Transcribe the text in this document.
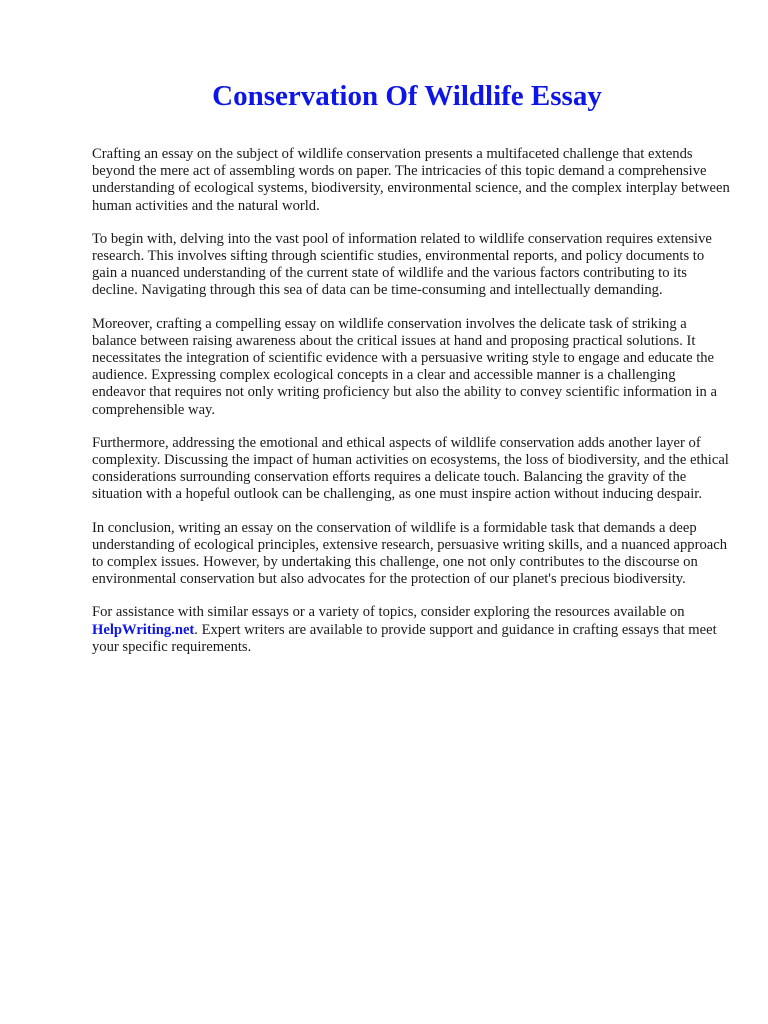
Conservation Of Wildlife Essay

Crafting an essay on the subject of wildlife conservation presents a multifaceted challenge that extends beyond the mere act of assembling words on paper. The intricacies of this topic demand a comprehensive understanding of ecological systems, biodiversity, environmental science, and the complex interplay between human activities and the natural world.

To begin with, delving into the vast pool of information related to wildlife conservation requires extensive research. This involves sifting through scientific studies, environmental reports, and policy documents to gain a nuanced understanding of the current state of wildlife and the various factors contributing to its decline. Navigating through this sea of data can be time-consuming and intellectually demanding.

Moreover, crafting a compelling essay on wildlife conservation involves the delicate task of striking a balance between raising awareness about the critical issues at hand and proposing practical solutions. It necessitates the integration of scientific evidence with a persuasive writing style to engage and educate the audience. Expressing complex ecological concepts in a clear and accessible manner is a challenging endeavor that requires not only writing proficiency but also the ability to convey scientific information in a comprehensible way.

Furthermore, addressing the emotional and ethical aspects of wildlife conservation adds another layer of complexity. Discussing the impact of human activities on ecosystems, the loss of biodiversity, and the ethical considerations surrounding conservation efforts requires a delicate touch. Balancing the gravity of the situation with a hopeful outlook can be challenging, as one must inspire action without inducing despair.

In conclusion, writing an essay on the conservation of wildlife is a formidable task that demands a deep understanding of ecological principles, extensive research, persuasive writing skills, and a nuanced approach to complex issues. However, by undertaking this challenge, one not only contributes to the discourse on environmental conservation but also advocates for the protection of our planet's precious biodiversity.

For assistance with similar essays or a variety of topics, consider exploring the resources available on HelpWriting.net. Expert writers are available to provide support and guidance in crafting essays that meet your specific requirements.
